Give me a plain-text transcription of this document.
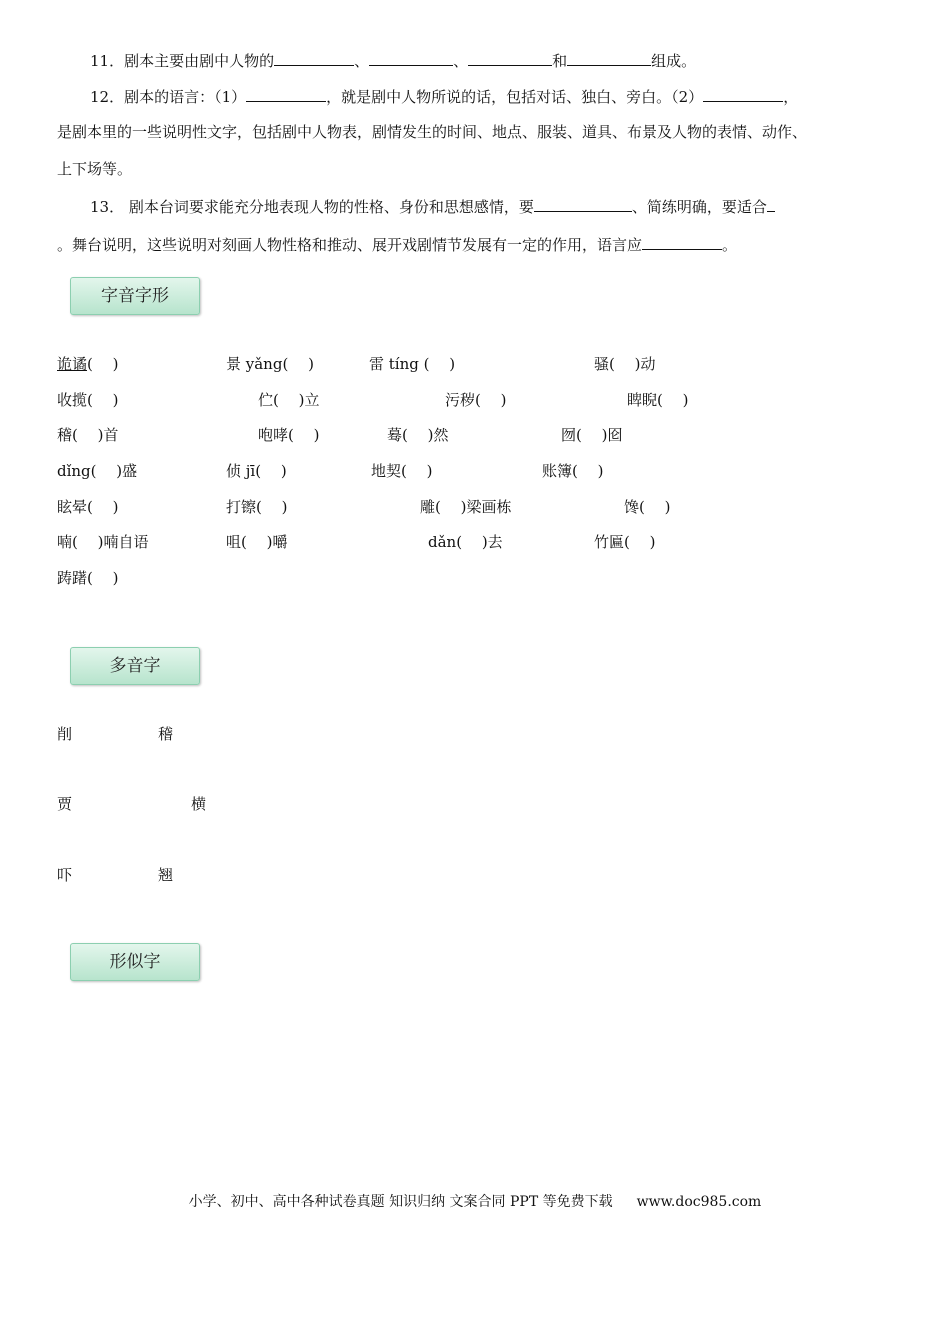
11．剧本主要由剧中人物的	、	、	和	组成。
12．剧本的语言：（1）	，就是剧中人物所说的话，包括对话、独白、旁白。（2）	，
是剧本里的一些说明性文字，包括剧中人物表，剧情发生的时间、地点、服装、道具、布景及人物的表情、动作、
上下场等。
13． 剧本台词要求能充分地表现人物的性格、身份和思想感情，要	、简练明确，要适合
。舞台说明，这些说明对刻画人物性格和推动、展开戏剧情节发展有一定的作用，语言应	。
字音字形
诡谲(　 )	景 yǎng(　 )	雷 tíng (　 )	骚(　 )动
收揽(　 )	伫(　 )立	污秽(　 )	睥睨(　 )
稽(　 )首	咆哮(　 )	蓦(　 )然	囫(　 )囵
dǐng(　 )盛	侦 jī(　 )	地契(　 )	账簿(　 )
眩晕(　 )	打镲(　 )	雕(　 )梁画栋	馋(　 )
喃(　 )喃自语	咀(　 )嚼	dǎn(　 )去	竹匾(　 )
踌躇(　 )
多音字
削	稽
贾	横
吓	翘
形似字
小学、初中、高中各种试卷真题 知识归纳 文案合同 PPT 等免费下载 www.doc985.com
